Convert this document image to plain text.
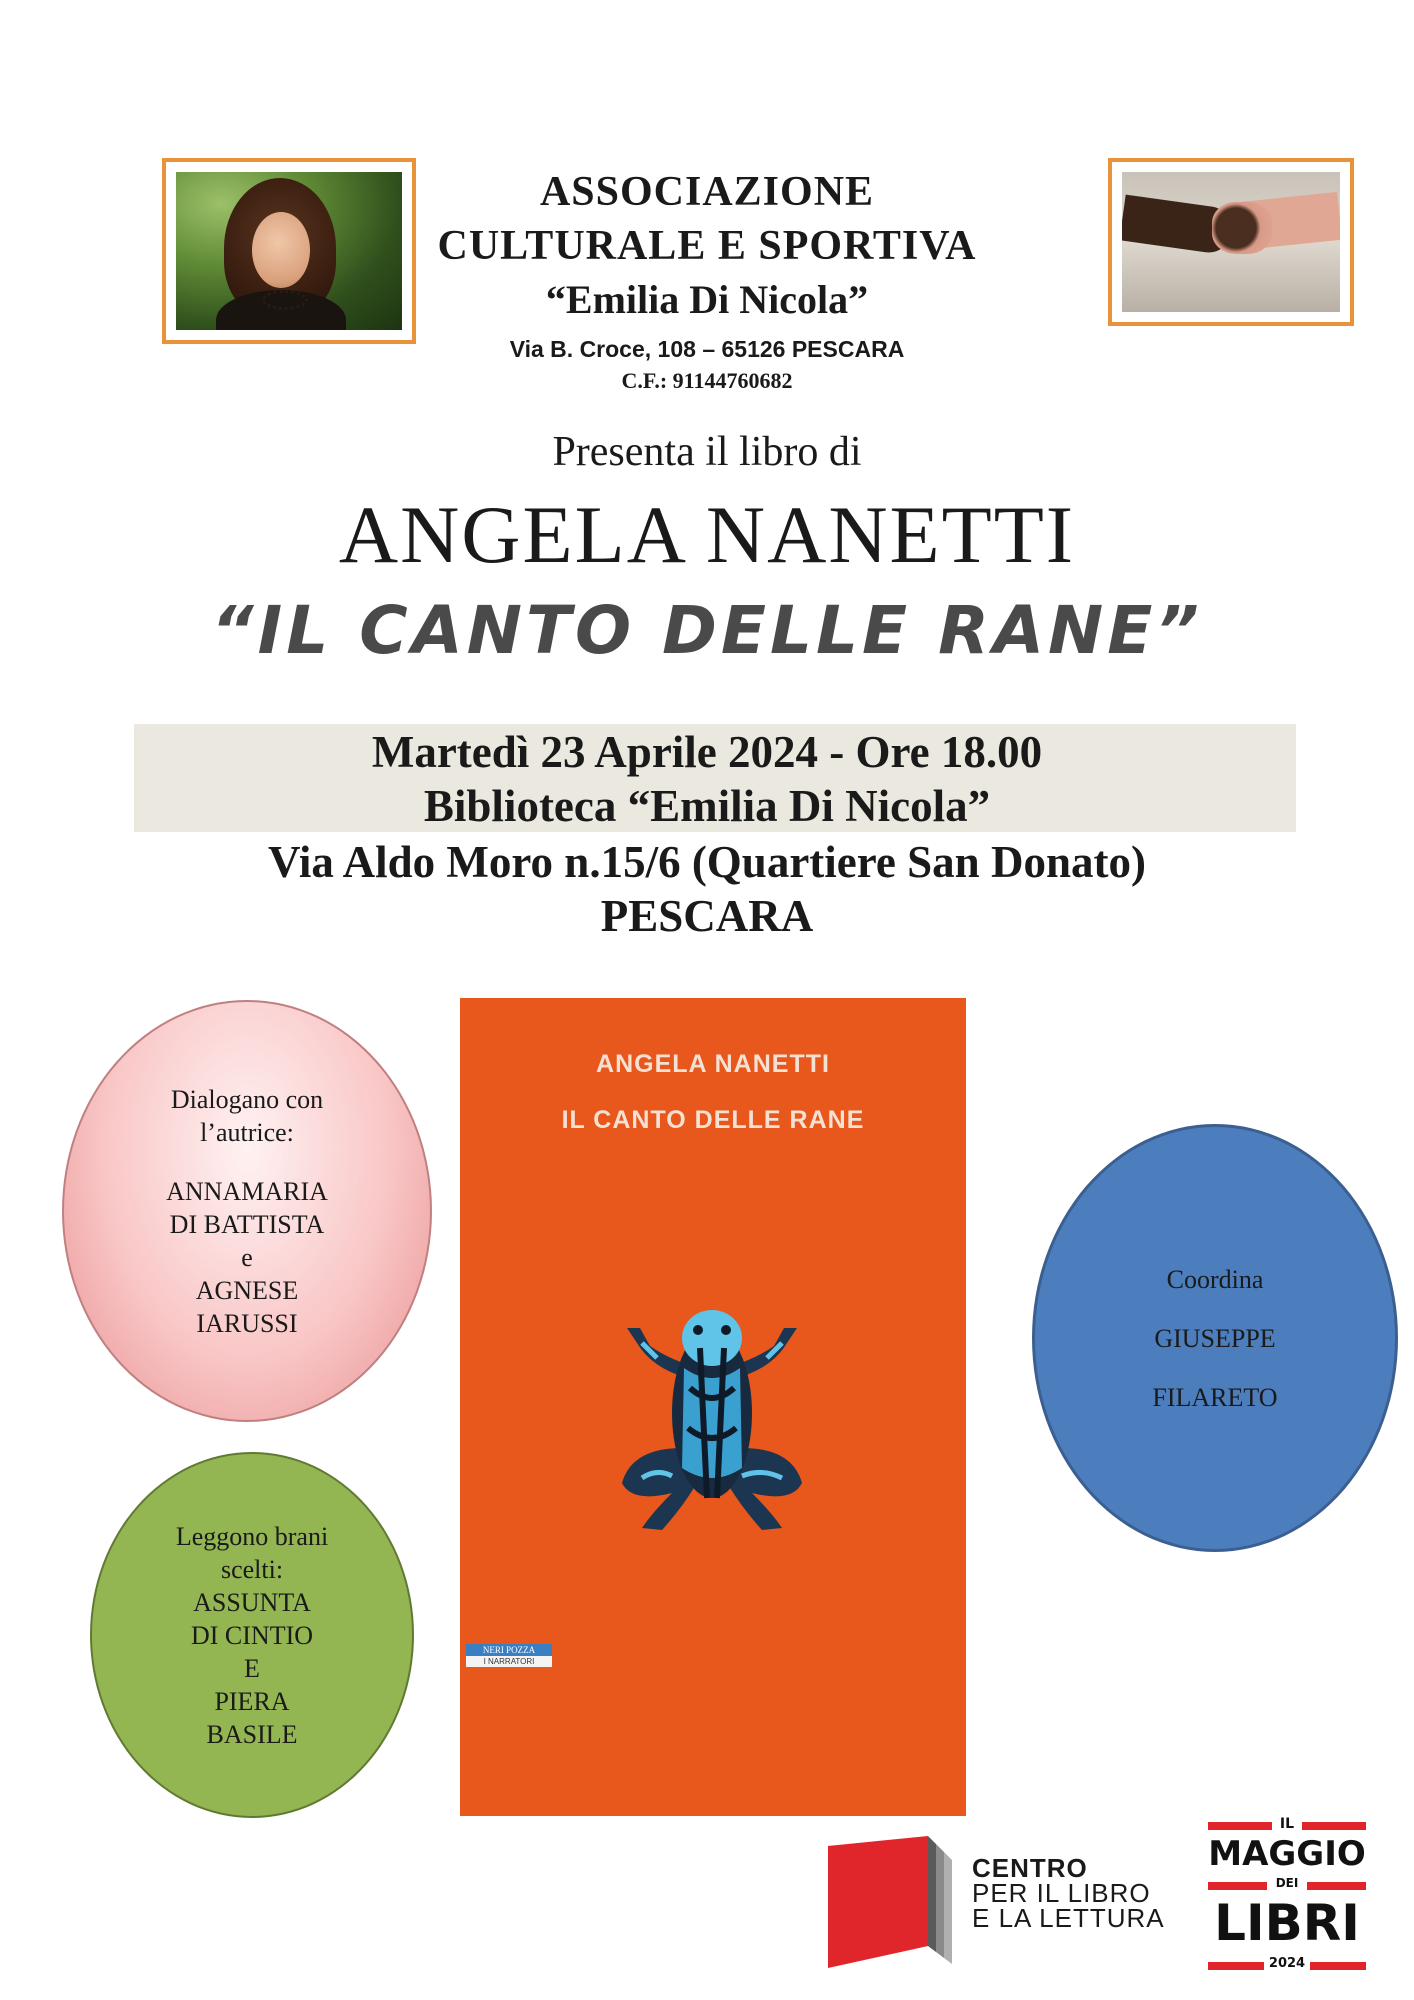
ASSOCIAZIONE
CULTURALE E SPORTIVA
“Emilia Di Nicola”
Via B. Croce, 108 – 65126 PESCARA
C.F.: 91144760682
Presenta il libro di
ANGELA NANETTI
“IL CANTO DELLE RANE”
Martedì 23 Aprile 2024 - Ore 18.00
Biblioteca “Emilia Di Nicola”
Via Aldo Moro n.15/6 (Quartiere San Donato)
PESCARA
Dialogano con
l’autrice:
ANNAMARIA
DI BATTISTA
e
AGNESE
IARUSSI
Leggono brani
scelti:
ASSUNTA
DI CINTIO
E
PIERA
BASILE
Coordina
GIUSEPPE
FILARETO
ANGELA NANETTI
IL CANTO DELLE RANE
NERI POZZA
I NARRATORI
CENTRO
PER IL LIBRO
E LA LETTURA
IL
MAGGIO
DEI
LIBRI
2024
